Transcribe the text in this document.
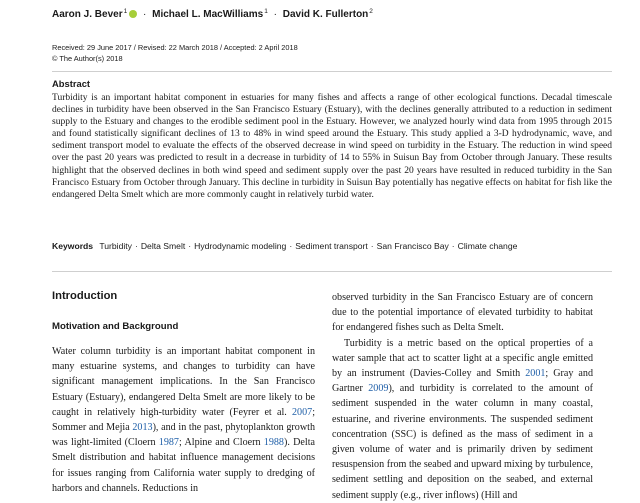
Aaron J. Bever$^1$ · Michael L. MacWilliams$^1$ · David K. Fullerton$^2$
Received: 29 June 2017 / Revised: 22 March 2018 / Accepted: 2 April 2018
© The Author(s) 2018
Abstract

Turbidity is an important habitat component in estuaries for many fishes and affects a range of other ecological functions. Decadal timescale declines in turbidity have been observed in the San Francisco Estuary (Estuary), with the declines generally attributed to a reduction in sediment supply to the Estuary and changes to the erodible sediment pool in the Estuary. However, we analyzed hourly wind data from 1995 through 2015 and found statistically significant declines of 13 to 48% in wind speed around the Estuary. This study applied a 3-D hydrodynamic, wave, and sediment transport model to evaluate the effects of the observed decrease in wind speed on turbidity in the Estuary. The reduction in wind speed over the past 20 years was predicted to result in a decrease in turbidity of 14 to 55% in Suisun Bay from October through January. These results highlight that the observed declines in both wind speed and sediment supply over the past 20 years have resulted in reduced turbidity in the San Francisco Estuary from October through January. This decline in turbidity in Suisun Bay potentially has negative effects on habitat for fish like the endangered Delta Smelt which are more commonly caught in relatively turbid water.

Keywords Turbidity · Delta Smelt · Hydrodynamic modeling · Sediment transport · San Francisco Bay · Climate change
Introduction
Motivation and Background

Water column turbidity is an important habitat component in many estuarine systems, and changes to turbidity can have significant management implications. In the San Francisco Estuary (Estuary), endangered Delta Smelt are more likely to be caught in relatively high-turbidity water (Feyrer et al. 2007; Sommer and Mejia 2013), and in the past, phytoplankton growth was light-limited (Cloern 1987; Alpine and Cloern 1988). Delta Smelt distribution and habitat influence management decisions for issues ranging from California water supply to dredging of harbors and channels. Reductions in

observed turbidity in the San Francisco Estuary are of concern due to the potential importance of elevated turbidity to habitat for endangered fishes such as Delta Smelt.

Turbidity is a metric based on the optical properties of a water sample that act to scatter light at a specific angle emitted by an instrument (Davies-Colley and Smith 2001; Gray and Gartner 2009), and turbidity is correlated to the amount of sediment suspended in the water column in many coastal, estuarine, and riverine environments. The suspended sediment concentration (SSC) is defined as the mass of sediment in a given volume of water and is primarily driven by sediment resuspension from the seabed and upward mixing by turbulence, sediment settling and deposition on the seabed, and external sediment supply (e.g., river inflows) (Hill and
